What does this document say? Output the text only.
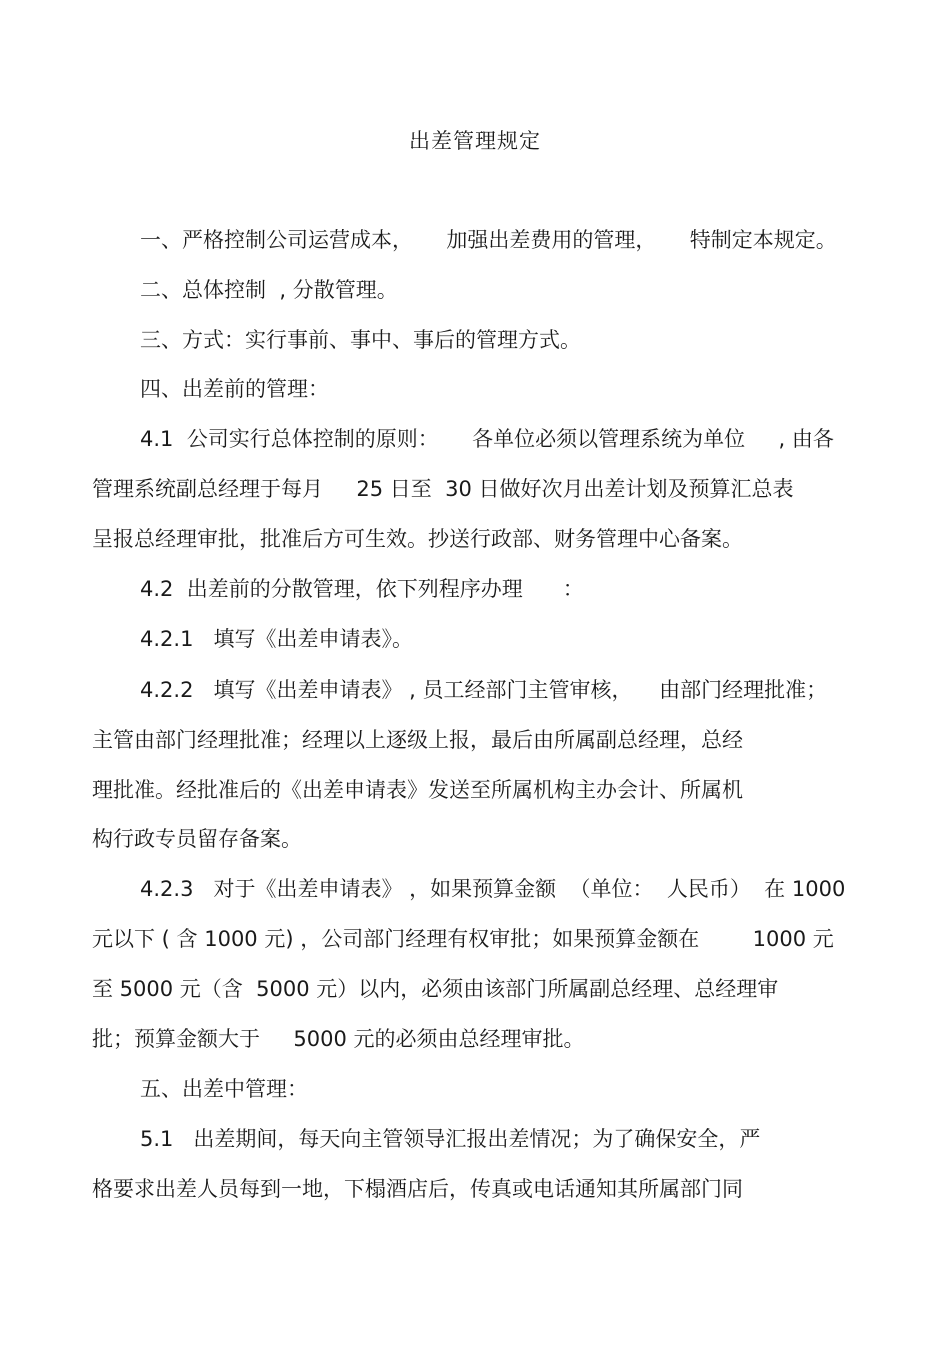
出差管理规定
一、严格控制公司运营成本，     加强出差费用的管理，     特制定本规定。
二、总体控制  , 分散管理。
三、方式：实行事前、事中、事后的管理方式。
四、出差前的管理：
4.1  公司实行总体控制的原则：     各单位必须以管理系统为单位     , 由各
管理系统副总经理于每月     25 日至  30 日做好次月出差计划及预算汇总表
呈报总经理审批，批准后方可生效。抄送行政部、财务管理中心备案。
4.2  出差前的分散管理，依下列程序办理      ：
4.2.1   填写《出差申请表》。
4.2.2   填写《出差申请表》 , 员工经部门主管审核，    由部门经理批准；
主管由部门经理批准；经理以上逐级上报，最后由所属副总经理，总经
理批准。经批准后的《出差申请表》发送至所属机构主办会计、所属机
构行政专员留存备案。
4.2.3   对于《出差申请表》 ，如果预算金额  （单位：  人民币）  在 1000
元以下 ( 含 1000 元) ，公司部门经理有权审批；如果预算金额在        1000 元
至 5000 元（含  5000 元）以内，必须由该部门所属副总经理、总经理审
批；预算金额大于     5000 元的必须由总经理审批。
五、出差中管理：
5.1   出差期间，每天向主管领导汇报出差情况；为了确保安全，严
格要求出差人员每到一地，下榻酒店后，传真或电话通知其所属部门同
